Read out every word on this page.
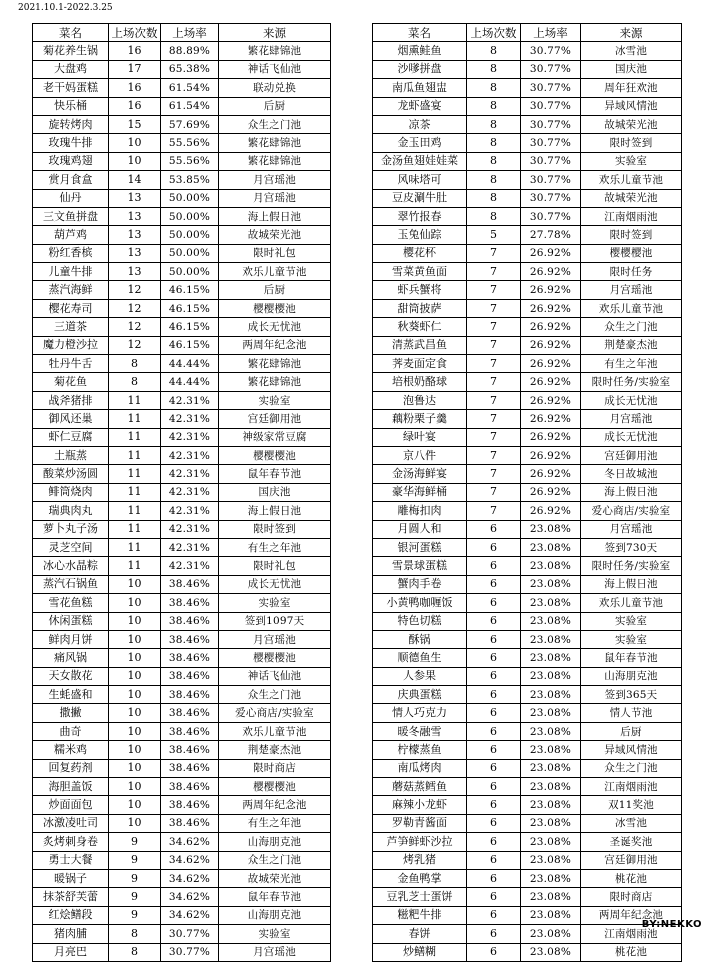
2021.10.1-2022.3.25
菜名	上场次数	上场率	来源
菊花养生锅	16	88.89%	繁花肆锦池
大盘鸡	17	65.38%	神话飞仙池
老干妈蛋糕	16	61.54%	联动兑换
快乐桶	16	61.54%	后厨
旋转烤肉	15	57.69%	众生之门池
玫瑰牛排	10	55.56%	繁花肆锦池
玫瑰鸡翅	10	55.56%	繁花肆锦池
赏月食盒	14	53.85%	月宫瑶池
仙丹	13	50.00%	月宫瑶池
三文鱼拼盘	13	50.00%	海上假日池
葫芦鸡	13	50.00%	故城荣光池
粉红香槟	13	50.00%	限时礼包
儿童牛排	13	50.00%	欢乐儿童节池
蒸汽海鲜	12	46.15%	后厨
樱花寿司	12	46.15%	樱樱樱池
三道茶	12	46.15%	成长无忧池
魔力橙沙拉	12	46.15%	两周年纪念池
牡丹牛舌	8	44.44%	繁花肆锦池
菊花鱼	8	44.44%	繁花肆锦池
战斧猪排	11	42.31%	实验室
御风还巢	11	42.31%	宫廷御用池
虾仁豆腐	11	42.31%	神级家常豆腐
土瓶蒸	11	42.31%	樱樱樱池
酸菜炒汤圆	11	42.31%	鼠年春节池
鲱筒烧肉	11	42.31%	国庆池
瑞典肉丸	11	42.31%	海上假日池
萝卜丸子汤	11	42.31%	限时签到
灵芝空间	11	42.31%	有生之年池
冰心水晶粽	11	42.31%	限时礼包
蒸汽石锅鱼	10	38.46%	成长无忧池
雪花鱼糕	10	38.46%	实验室
休闲蛋糕	10	38.46%	签到1097天
鲜肉月饼	10	38.46%	月宫瑶池
痛风锅	10	38.46%	樱樱樱池
天女散花	10	38.46%	神话飞仙池
生蚝盛和	10	38.46%	众生之门池
撒撇	10	38.46%	爱心商店/实验室
曲奇	10	38.46%	欢乐儿童节池
糯米鸡	10	38.46%	荆楚豪杰池
回复药剂	10	38.46%	限时商店
海胆盖饭	10	38.46%	樱樱樱池
炒面面包	10	38.46%	两周年纪念池
冰激凌吐司	10	38.46%	有生之年池
炙烤刺身卷	9	34.62%	山海朋克池
勇士大餐	9	34.62%	众生之门池
暖锅子	9	34.62%	故城荣光池
抹茶舒芙蕾	9	34.62%	鼠年春节池
红烩鳝段	9	34.62%	山海朋克池
猪肉脯	8	30.77%	实验室
月亮巴	8	30.77%	月宫瑶池
菜名	上场次数	上场率	来源
烟熏鲑鱼	8	30.77%	冰雪池
沙嗲拼盘	8	30.77%	国庆池
南瓜鱼翅盅	8	30.77%	周年狂欢池
龙虾盛宴	8	30.77%	异域风情池
凉茶	8	30.77%	故城荣光池
金玉田鸡	8	30.77%	限时签到
金汤鱼翅娃娃菜	8	30.77%	实验室
风味塔可	8	30.77%	欢乐儿童节池
豆皮涮牛肚	8	30.77%	故城荣光池
翠竹报春	8	30.77%	江南烟雨池
玉兔仙踪	5	27.78%	限时签到
樱花杯	7	26.92%	樱樱樱池
雪菜黄鱼面	7	26.92%	限时任务
虾兵蟹将	7	26.92%	月宫瑶池
甜筒披萨	7	26.92%	欢乐儿童节池
秋葵虾仁	7	26.92%	众生之门池
清蒸武昌鱼	7	26.92%	荆楚豪杰池
荠麦面定食	7	26.92%	有生之年池
培根奶酪球	7	26.92%	限时任务/实验室
泡鲁达	7	26.92%	成长无忧池
藕粉栗子羹	7	26.92%	月宫瑶池
绿叶宴	7	26.92%	成长无忧池
京八件	7	26.92%	宫廷御用池
金汤海鲜宴	7	26.92%	冬日故城池
豪华海鲜桶	7	26.92%	海上假日池
雕梅扣肉	7	26.92%	爱心商店/实验室
月圆人和	6	23.08%	月宫瑶池
银河蛋糕	6	23.08%	签到730天
雪景球蛋糕	6	23.08%	限时任务/实验室
蟹肉手卷	6	23.08%	海上假日池
小黄鸭咖喱饭	6	23.08%	欢乐儿童节池
特色切糕	6	23.08%	实验室
酥锅	6	23.08%	实验室
顺德鱼生	6	23.08%	鼠年春节池
人参果	6	23.08%	山海朋克池
庆典蛋糕	6	23.08%	签到365天
情人巧克力	6	23.08%	情人节池
暖冬融雪	6	23.08%	后厨
柠檬蒸鱼	6	23.08%	异域风情池
南瓜烤肉	6	23.08%	众生之门池
蘑菇蒸鳕鱼	6	23.08%	江南烟雨池
麻辣小龙虾	6	23.08%	双11奖池
罗勒青酱面	6	23.08%	冰雪池
芦笋鲜虾沙拉	6	23.08%	圣诞奖池
烤乳猪	6	23.08%	宫廷御用池
金鱼鸭掌	6	23.08%	桃花池
豆乳芝士蛋饼	6	23.08%	限时商店
糍粑牛排	6	23.08%	两周年纪念池
春饼	6	23.08%	江南烟雨池
炒鳝糊	6	23.08%	桃花池
BY:NEKKO
